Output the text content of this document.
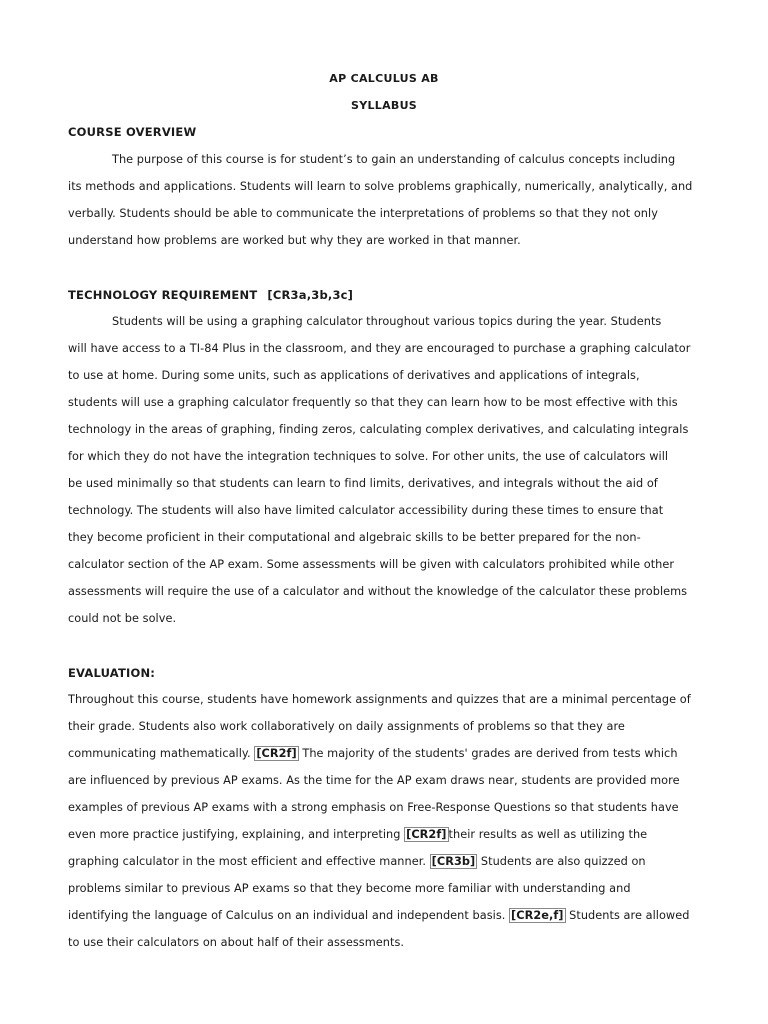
AP CALCULUS AB
SYLLABUS
COURSE OVERVIEW
The purpose of this course is for student’s to gain an understanding of calculus concepts including
its methods and applications. Students will learn to solve problems graphically, numerically, analytically, and
verbally. Students should be able to communicate the interpretations of problems so that they not only
understand how problems are worked but why they are worked in that manner.
TECHNOLOGY REQUIREMENT [CR3a,3b,3c]
Students will be using a graphing calculator throughout various topics during the year. Students
will have access to a TI-84 Plus in the classroom, and they are encouraged to purchase a graphing calculator
to use at home. During some units, such as applications of derivatives and applications of integrals,
students will use a graphing calculator frequently so that they can learn how to be most effective with this
technology in the areas of graphing, finding zeros, calculating complex derivatives, and calculating integrals
for which they do not have the integration techniques to solve. For other units, the use of calculators will
be used minimally so that students can learn to find limits, derivatives, and integrals without the aid of
technology. The students will also have limited calculator accessibility during these times to ensure that
they become proficient in their computational and algebraic skills to be better prepared for the non-
calculator section of the AP exam. Some assessments will be given with calculators prohibited while other
assessments will require the use of a calculator and without the knowledge of the calculator these problems
could not be solve.
EVALUATION:
Throughout this course, students have homework assignments and quizzes that are a minimal percentage of
their grade. Students also work collaboratively on daily assignments of problems so that they are
communicating mathematically. [CR2f] The majority of the students' grades are derived from tests which
are influenced by previous AP exams. As the time for the AP exam draws near, students are provided more
examples of previous AP exams with a strong emphasis on Free-Response Questions so that students have
even more practice justifying, explaining, and interpreting [CR2f] their results as well as utilizing the
graphing calculator in the most efficient and effective manner. [CR3b] Students are also quizzed on
problems similar to previous AP exams so that they become more familiar with understanding and
identifying the language of Calculus on an individual and independent basis. [CR2e,f] Students are allowed
to use their calculators on about half of their assessments.
